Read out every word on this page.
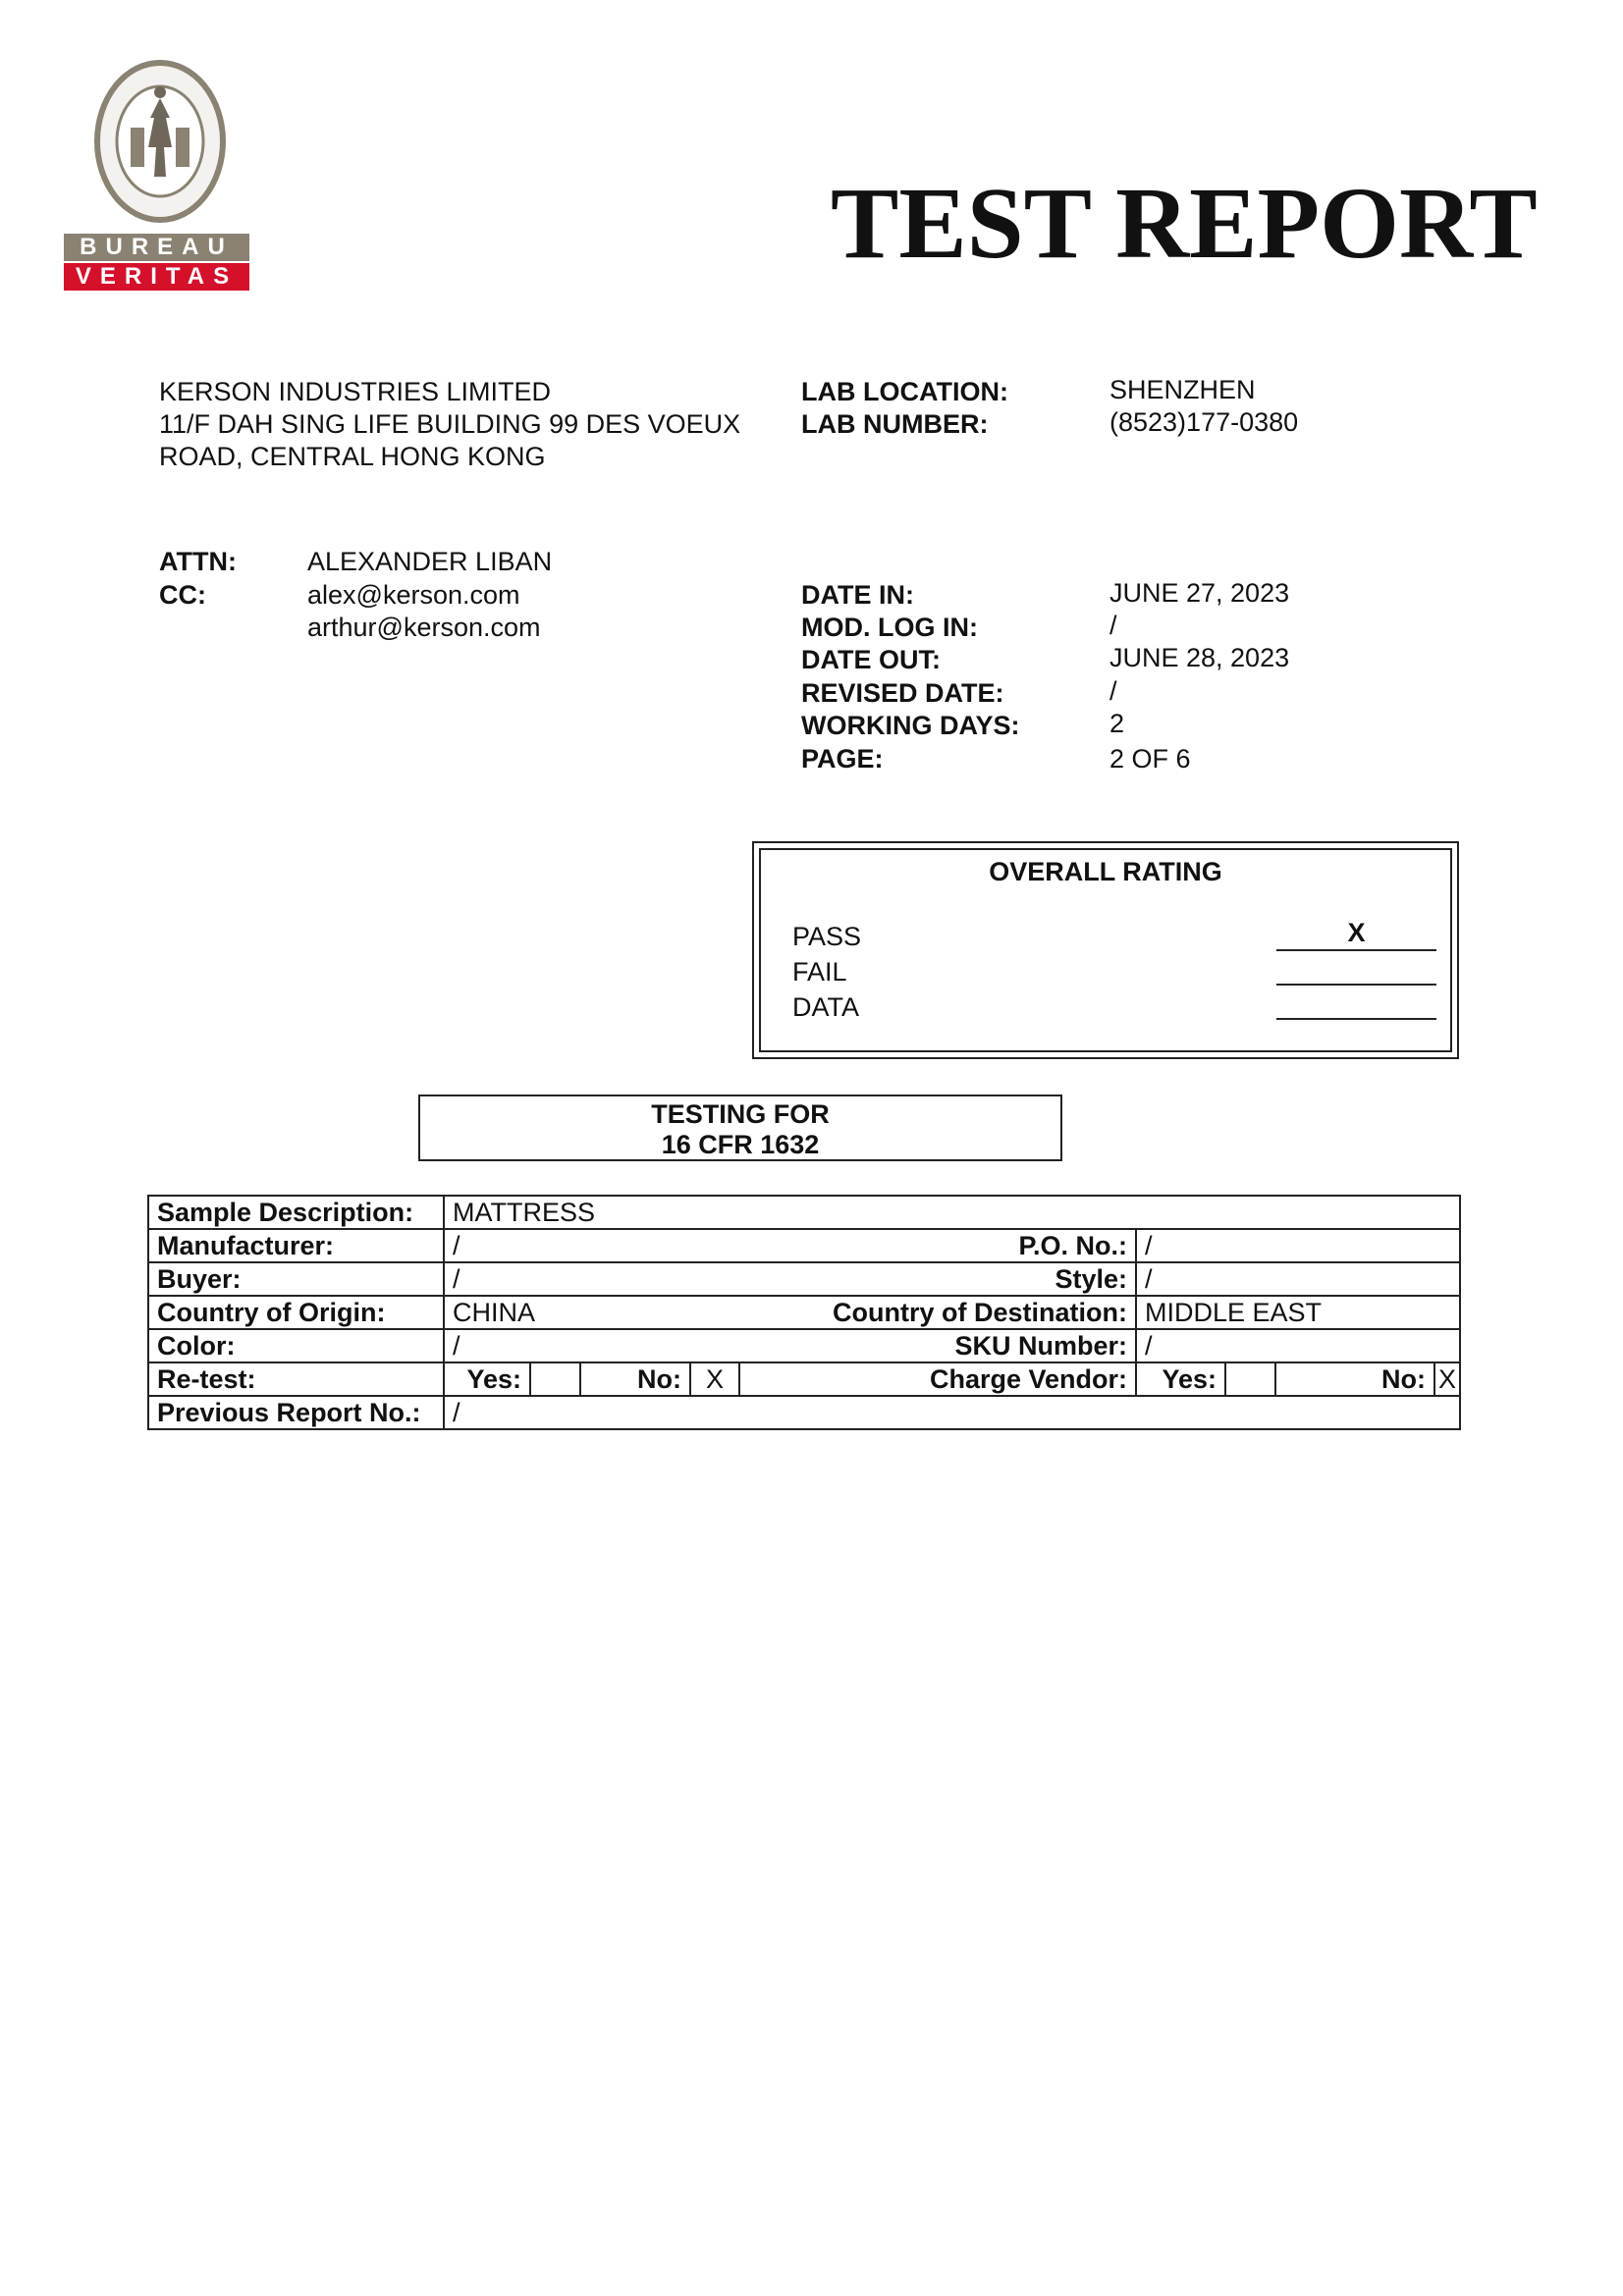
BUREAU
VERITAS	TEST REPORT
KERSON INDUSTRIES LIMITED
11/F DAH SING LIFE BUILDING 99 DES VOEUX
ROAD, CENTRAL HONG KONG
LAB LOCATION:	SHENZHEN
LAB NUMBER:	(8523)177-0380
ATTN:	ALEXANDER LIBAN
CC:	alex@kerson.com
arthur@kerson.com
DATE IN:	JUNE 27, 2023
MOD. LOG IN:	/
DATE OUT:	JUNE 28, 2023
REVISED DATE:	/
WORKING DAYS:	2
PAGE:	2 OF 6
OVERALL RATING
PASS	X
FAIL
DATA
TESTING FOR
16 CFR 1632
Sample Description:	MATTRESS								
Manufacturer:	/				P.O. No.:	/			
Buyer:	/				Style:	/			
Country of Origin:	CHINA				Country of Destination:	MIDDLE EAST			
Color:	/				SKU Number:	/			
Re-test:	Yes:		No:	X	Charge Vendor:	Yes:		No:	X
Previous Report No.:	/								
